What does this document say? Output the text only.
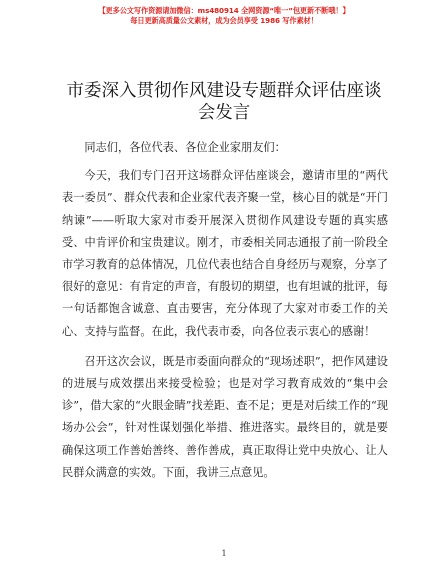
【更多公文写作资源请加微信：ms480914 全网资源“唯一”包更新不断哦！】
每日更新高质量公文素材，成为会员享受 1986 写作素材！
市委深入贯彻作风建设专题群众评估座谈会发言

同志们，各位代表、各位企业家朋友们：

今天，我们专门召开这场群众评估座谈会，邀请市里的“两代表一委员”、群众代表和企业家代表齐聚一堂，核心目的就是“开门纳谏”——听取大家对市委开展深入贯彻作风建设专题的真实感受、中肯评价和宝贵建议。刚才，市委相关同志通报了前一阶段全市学习教育的总体情况，几位代表也结合自身经历与观察，分享了很好的意见：有肯定的声音，有殷切的期望，也有坦诚的批评，每一句话都饱含诚意、直击要害，充分体现了大家对市委工作的关心、支持与监督。在此，我代表市委，向各位表示衷心的感谢！

召开这次会议，既是市委面向群众的“现场述职”，把作风建设的进展与成效摆出来接受检验；也是对学习教育成效的“集中会诊”，借大家的“火眼金睛”找差距、查不足；更是对后续工作的“现场办公会”，针对性谋划强化举措、推进落实。最终目的，就是要确保这项工作善始善终、善作善成，真正取得让党中央放心、让人民群众满意的实效。下面，我讲三点意见。

1
